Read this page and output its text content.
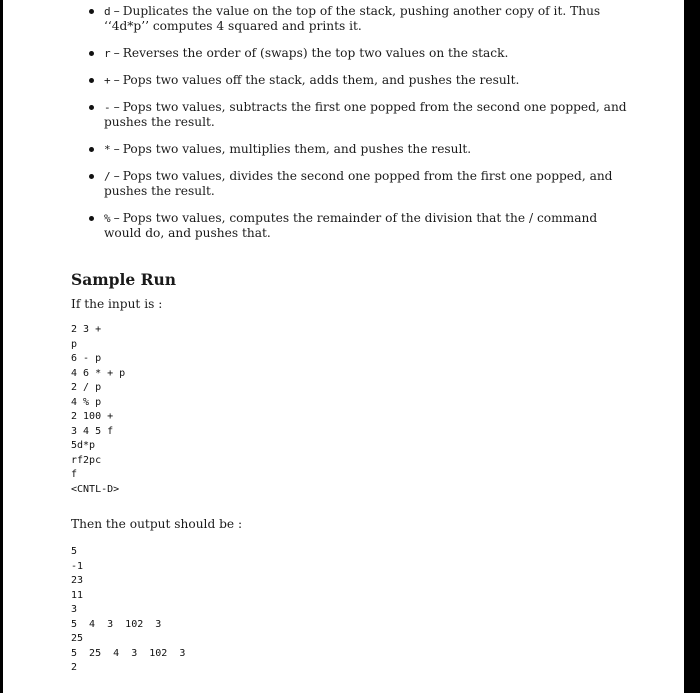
d – Duplicates the value on the top of the stack, pushing another copy of it. Thus ‘‘4d*p’’ computes 4 squared and prints it.
r – Reverses the order of (swaps) the top two values on the stack.
+ – Pops two values off the stack, adds them, and pushes the result.
- – Pops two values, subtracts the first one popped from the second one popped, and pushes the result.
* – Pops two values, multiplies them, and pushes the result.
/ – Pops two values, divides the second one popped from the first one popped, and pushes the result.
% – Pops two values, computes the remainder of the division that the / command would do, and pushes that.
Sample Run
If the input is :
2 3 +
p
6 - p
4 6 * + p
2 / p
4 % p
2 100 +
3 4 5 f
5d*p
rf2pc
f
<CNTL-D>
Then the output should be :
5
-1
23
11
3
5  4  3  102  3
25
5  25  4  3  102  3
2
